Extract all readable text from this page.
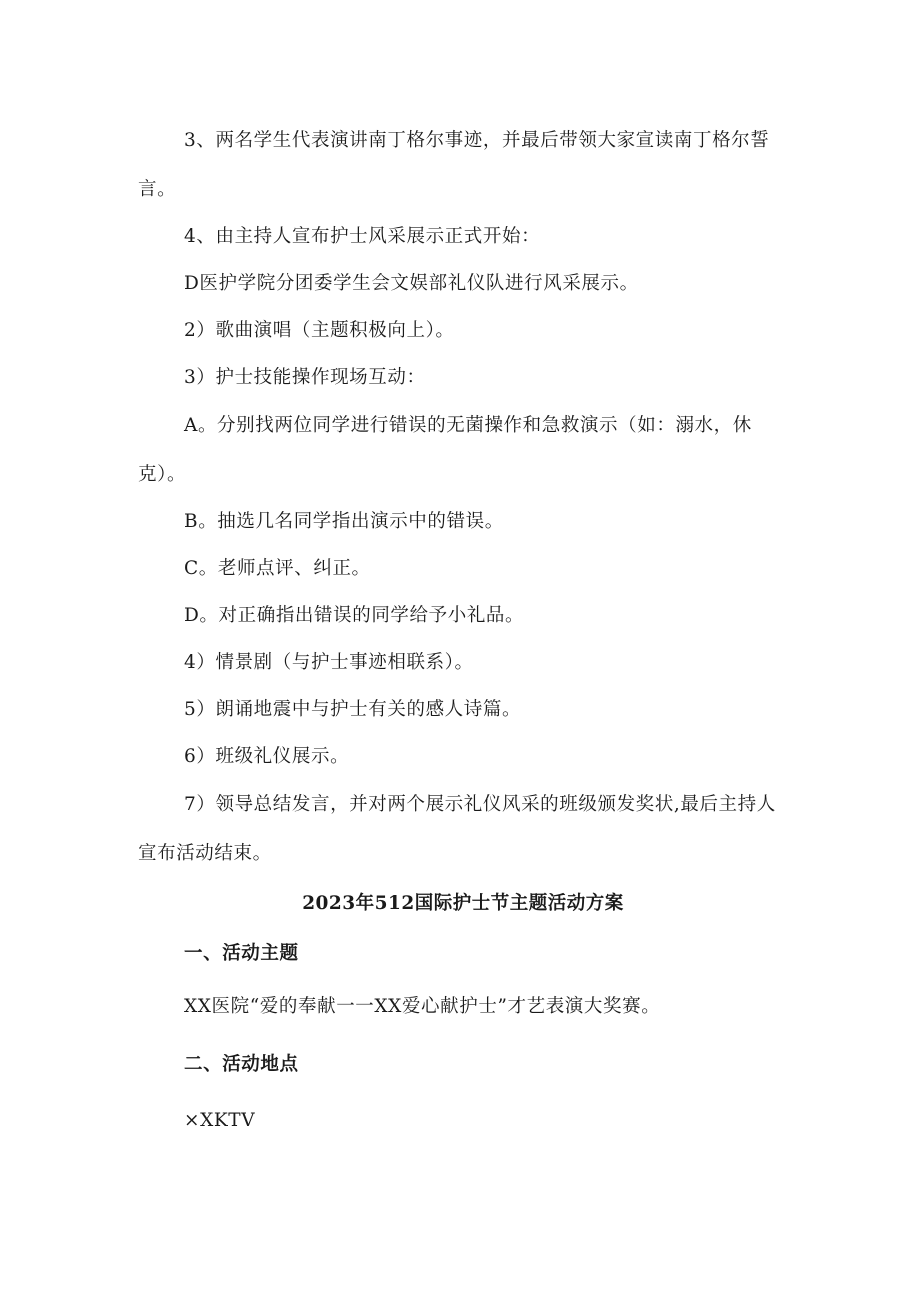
3、两名学生代表演讲南丁格尔事迹，并最后带领大家宣读南丁格尔誓言。

4、由主持人宣布护士风采展示正式开始：

D医护学院分团委学生会文娱部礼仪队进行风采展示。

2）歌曲演唱（主题积极向上）。

3）护士技能操作现场互动：

A。分别找两位同学进行错误的无菌操作和急救演示（如：溺水，休克）。

B。抽选几名同学指出演示中的错误。

C。老师点评、纠正。

D。对正确指出错误的同学给予小礼品。

4）情景剧（与护士事迹相联系）。

5）朗诵地震中与护士有关的感人诗篇。

6）班级礼仪展示。

7）领导总结发言，并对两个展示礼仪风采的班级颁发奖状,最后主持人宣布活动结束。

2023年512国际护士节主题活动方案
一、活动主题

XX医院“爱的奉献一一XX爱心献护士”才艺表演大奖赛。

二、活动地点

×XKTV
